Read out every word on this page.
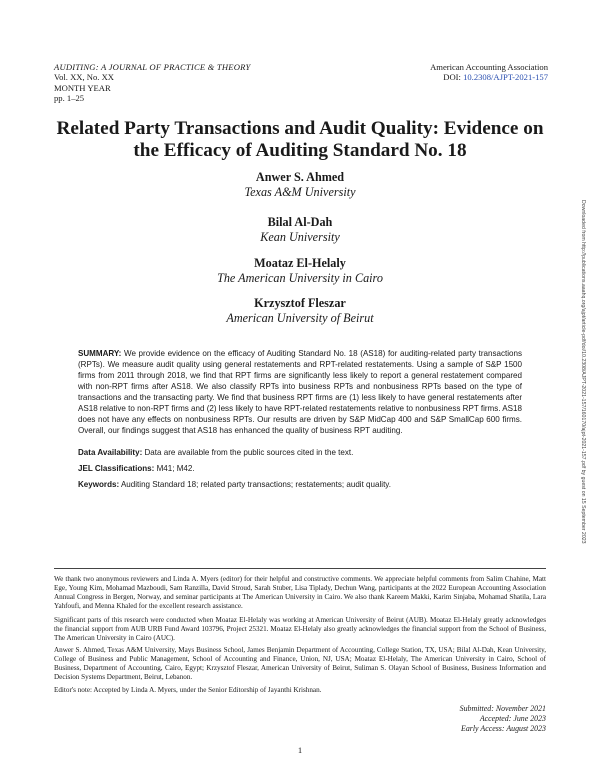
AUDITING: A JOURNAL OF PRACTICE & THEORY
Vol. XX, No. XX
MONTH YEAR
pp. 1–25
American Accounting Association
DOI: 10.2308/AJPT-2021-157
Related Party Transactions and Audit Quality: Evidence on
the Efficacy of Auditing Standard No. 18
Anwer S. Ahmed
Texas A&M University
Bilal Al-Dah
Kean University
Moataz El-Helaly
The American University in Cairo
Krzysztof Fleszar
American University of Beirut	Downloaded from http://publications.aaahq.org/ajpt/article-pdf/doi/10.2308/AJPT-2021-157/160170/ajpt-2021-157.pdf by guest on 15 September 2023
SUMMARY: We provide evidence on the efficacy of Auditing Standard No. 18 (AS18) for auditing-related party transactions (RPTs). We measure audit quality using general restatements and RPT-related restatements. Using a sample of S&P 1500 firms from 2011 through 2018, we find that RPT firms are significantly less likely to report a general restatement compared with non-RPT firms after AS18. We also classify RPTs into business RPTs and nonbusiness RPTs based on the type of transactions and the transacting party. We find that business RPT firms are (1) less likely to have general restatements after AS18 relative to non-RPT firms and (2) less likely to have RPT-related restatements relative to nonbusiness RPT firms. AS18 does not have any effects on nonbusiness RPTs. Our results are driven by S&P MidCap 400 and S&P SmallCap 600 firms. Overall, our findings suggest that AS18 has enhanced the quality of business RPT auditing.
Data Availability: Data are available from the public sources cited in the text.
JEL Classifications: M41; M42.
Keywords: Auditing Standard 18; related party transactions; restatements; audit quality.
We thank two anonymous reviewers and Linda A. Myers (editor) for their helpful and constructive comments. We appreciate helpful comments from Salim Chahine, Matt Ege, Young Kim, Mohamad Mazboudi, Sam Ranzilla, David Stroud, Sarah Stuber, Lisa Tiplady, Dechun Wang, participants at the 2022 European Accounting Association Annual Congress in Bergen, Norway, and seminar participants at The American University in Cairo. We also thank Kareem Makki, Karim Sinjaba, Mohamad Shatila, Lara Yahfoufi, and Menna Khaled for the excellent research assistance.
Significant parts of this research were conducted when Moataz El-Helaly was working at American University of Beirut (AUB). Moataz El-Helaly greatly acknowledges the financial support from AUB URB Fund Award 103796, Project 25321. Moataz El-Helaly also greatly acknowledges the financial support from the School of Business, The American University in Cairo (AUC).
Anwer S. Ahmed, Texas A&M University, Mays Business School, James Benjamin Department of Accounting, College Station, TX, USA; Bilal Al-Dah, Kean University, College of Business and Public Management, School of Accounting and Finance, Union, NJ, USA; Moataz El-Helaly, The American University in Cairo, School of Business, Department of Accounting, Cairo, Egypt; Krzysztof Fleszar, American University of Beirut, Suliman S. Olayan School of Business, Business Information and Decision Systems Department, Beirut, Lebanon.
Editor's note: Accepted by Linda A. Myers, under the Senior Editorship of Jayanthi Krishnan.
Submitted: November 2021
Accepted: June 2023
Early Access: August 2023
1
